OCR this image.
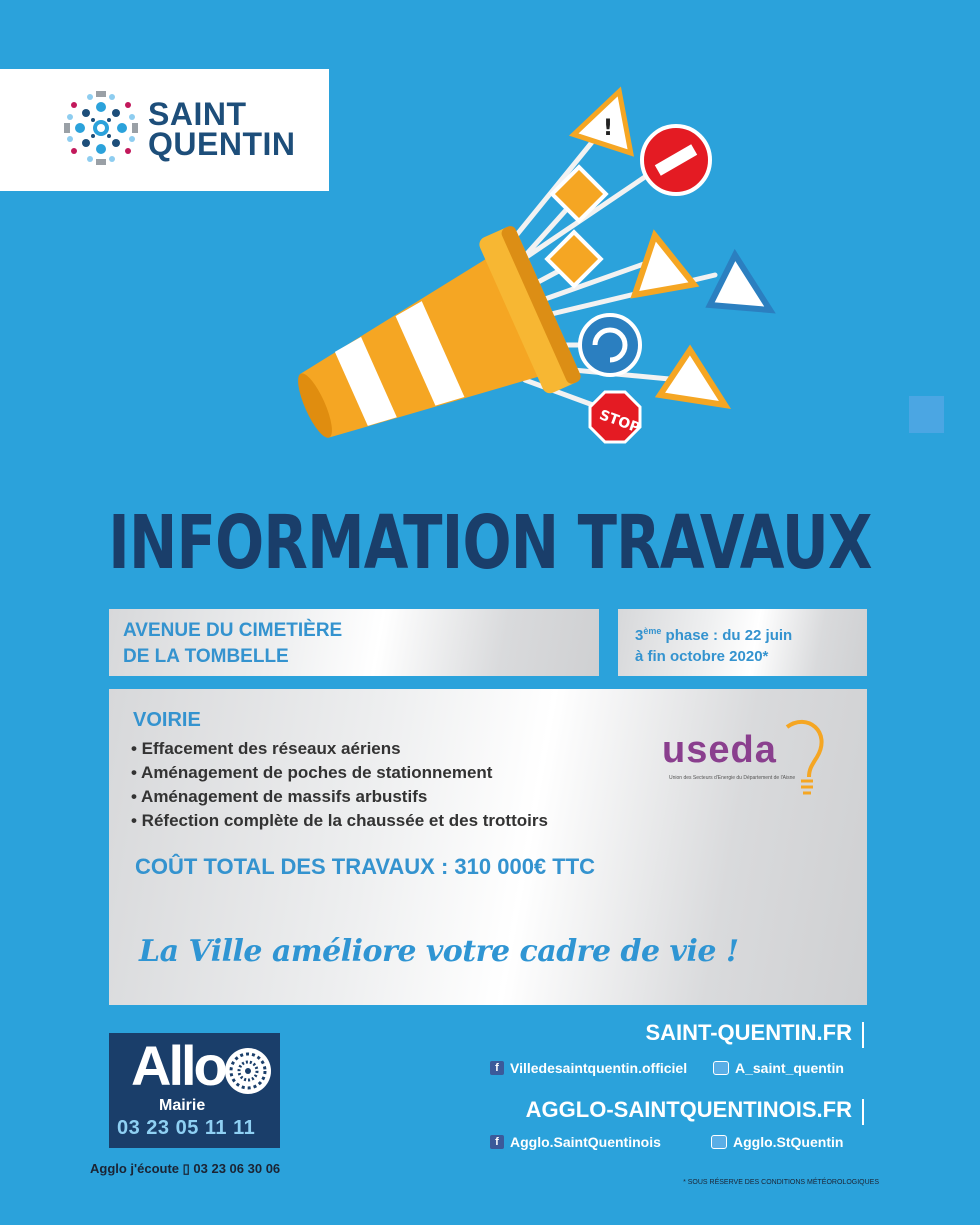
SAINT
QUENTIN	!
STOP
INFORMATION TRAVAUX
AVENUE DU CIMETIÈRE
DE LA TOMBELLE
3ème phase : du 22 juin
à fin octobre 2020*
VOIRIE
• Effacement des réseaux aériens
• Aménagement de poches de stationnement
• Aménagement de massifs arbustifs
• Réfection complète de la chaussée et des trottoirs
COÛT TOTAL DES TRAVAUX : 310 000€ TTC
La Ville améliore votre cadre de vie !
useda
Union des Secteurs d'Energie du Département de l'Aisne
Allo
Mairie
03 23 05 11 11
Agglo j'écoute ▯ 03 23 06 30 06
SAINT-QUENTIN.FR
f Villedesaintquentin.officiel	A_saint_quentin
AGGLO-SAINTQUENTINOIS.FR
f Agglo.SaintQuentinois	Agglo.StQuentin
* SOUS RÉSERVE DES CONDITIONS MÉTÉOROLOGIQUES
